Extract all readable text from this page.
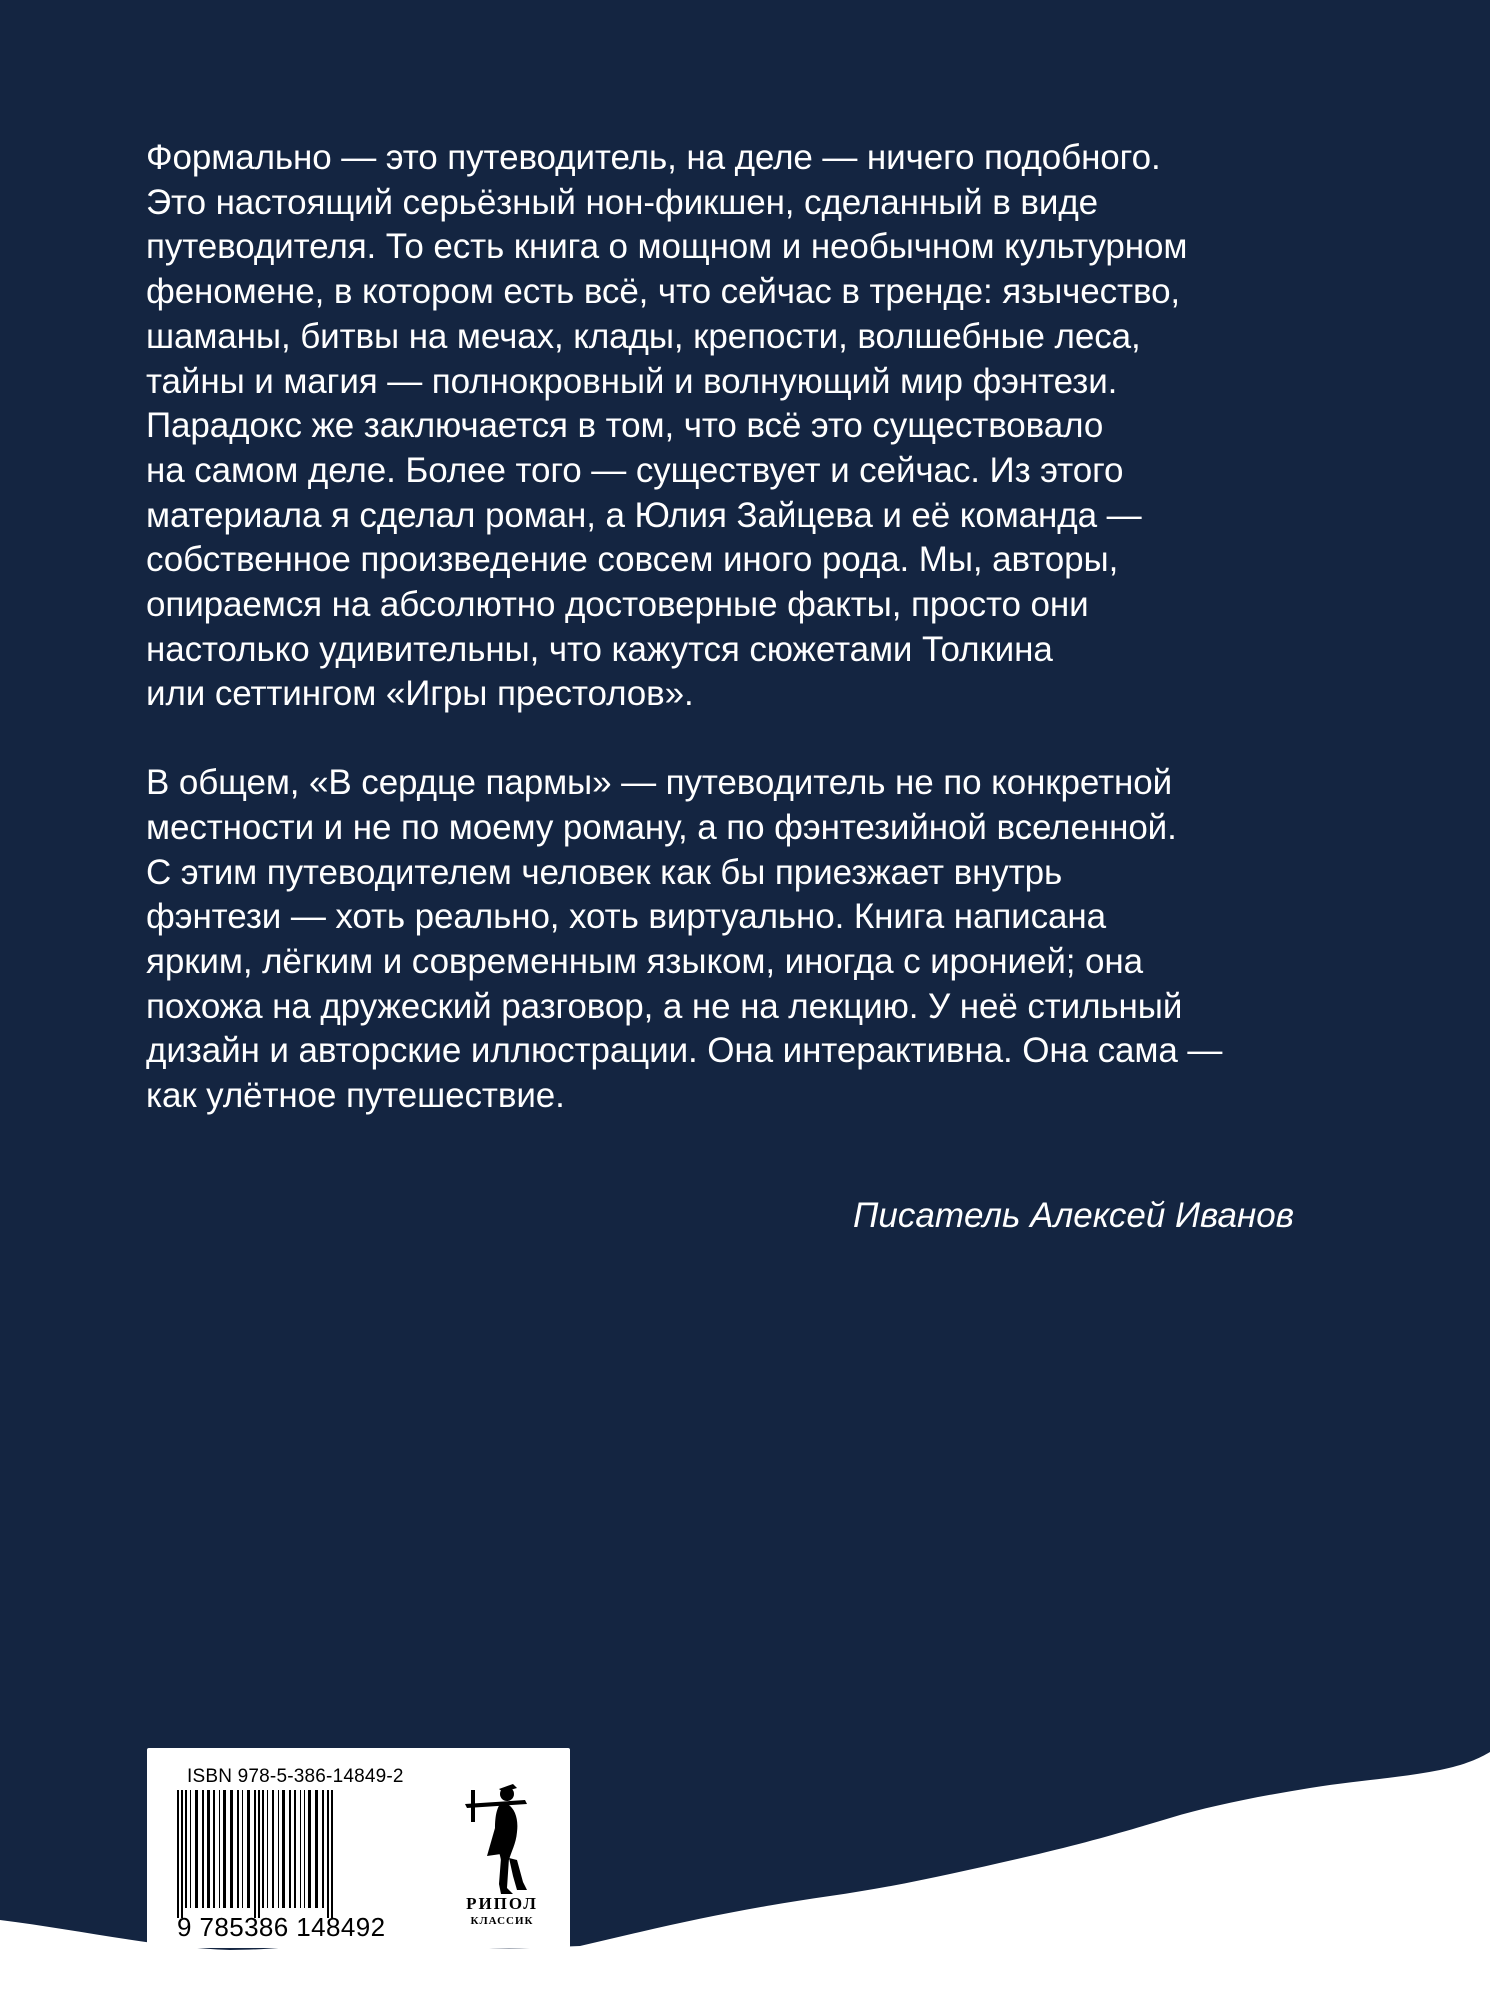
Формально — это путеводитель, на деле — ничего подобного.
Это настоящий серьёзный нон-фикшен, сделанный в виде
путеводителя. То есть книга о мощном и необычном культурном
феномене, в котором есть всё, что сейчас в тренде: язычество,
шаманы, битвы на мечах, клады, крепости, волшебные леса,
тайны и магия — полнокровный и волнующий мир фэнтези.
Парадокс же заключается в том, что всё это существовало
на самом деле. Более того — существует и сейчас. Из этого
материала я сделал роман, а Юлия Зайцева и её команда —
собственное произведение совсем иного рода. Мы, авторы,
опираемся на абсолютно достоверные факты, просто они
настолько удивительны, что кажутся сюжетами Толкина
или сеттингом «Игры престолов».

В общем, «В сердце пармы» — путеводитель не по конкретной
местности и не по моему роману, а по фэнтезийной вселенной.
С этим путеводителем человек как бы приезжает внутрь
фэнтези — хоть реально, хоть виртуально. Книга написана
ярким, лёгким и современным языком, иногда с иронией; она
похожа на дружеский разговор, а не на лекцию. У неё стильный
дизайн и авторские иллюстрации. Она интерактивна. Она сама —
как улётное путешествие.

Писатель Алексей Иванов
ISBN 978-5-386-14849-2
9 785386 148492
РИПОЛ
КЛАССИК
